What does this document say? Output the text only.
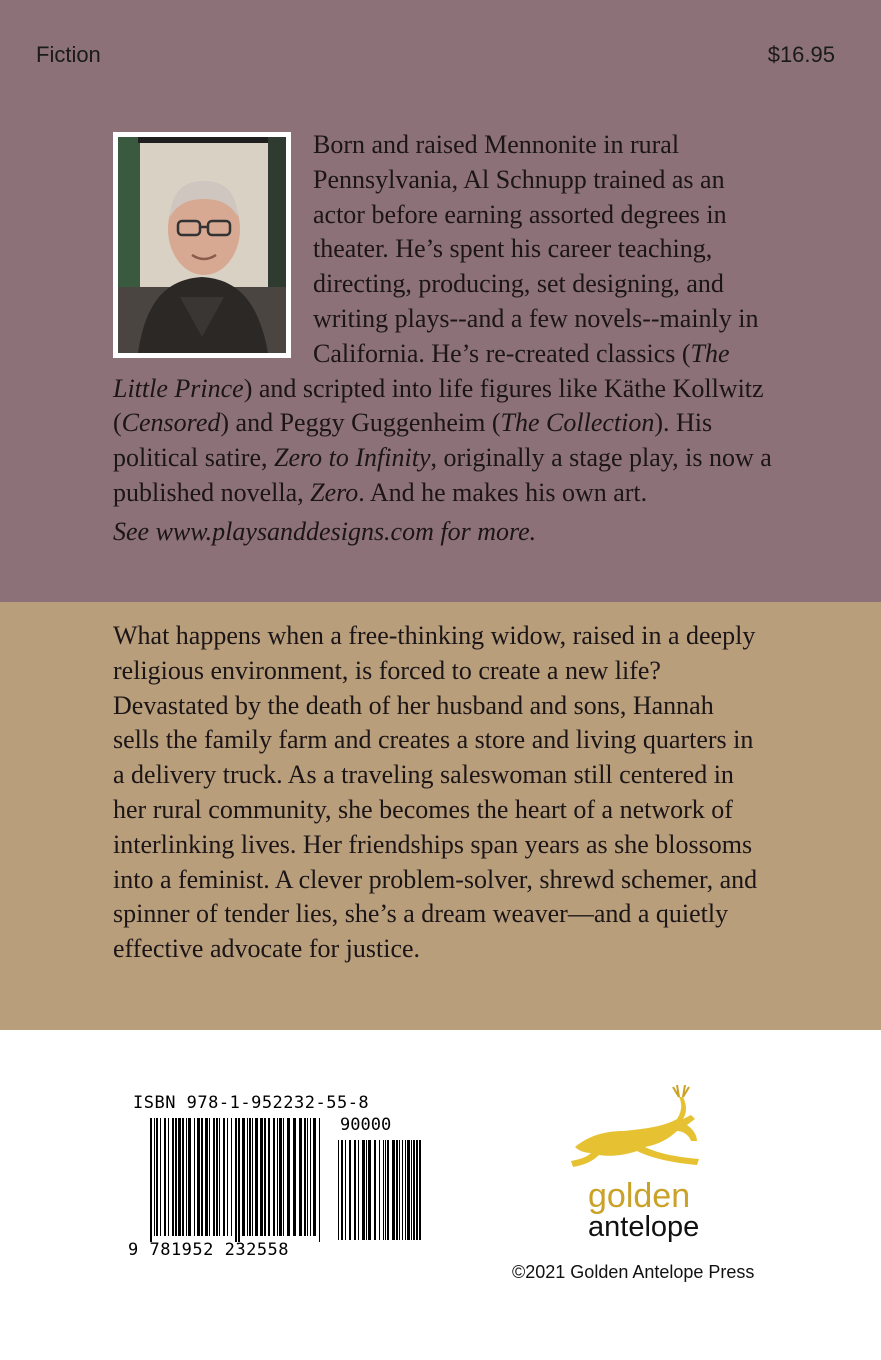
Fiction	$16.95

Born and raised Mennonite in rural Pennsylvania, Al Schnupp trained as an actor before earning assorted degrees in theater. He’s spent his career teaching, directing, producing, set designing, and writing plays--and a few novels--mainly in California. He’s re-created classics (The Little Prince) and scripted into life figures like Käthe Kollwitz (Censored) and Peggy Guggenheim (The Collection). His political satire, Zero to Infinity, originally a stage play, is now a published novella, Zero. And he makes his own art.

See www.playsanddesigns.com for more.

What happens when a free-thinking widow, raised in a deeply religious environment, is forced to create a new life? Devastated by the death of her husband and sons, Hannah sells the family farm and creates a store and living quarters in a delivery truck. As a traveling saleswoman still centered in her rural community, she becomes the heart of a network of interlinking lives. Her friendships span years as she blossoms into a feminist. A clever problem-solver, shrewd schemer, and spinner of tender lies, she’s a dream weaver—and a quietly effective advocate for justice.

ISBN 978-1-952232-55-8
90000
9 781952 232558
golden
antelope
©2021 Golden Antelope Press
